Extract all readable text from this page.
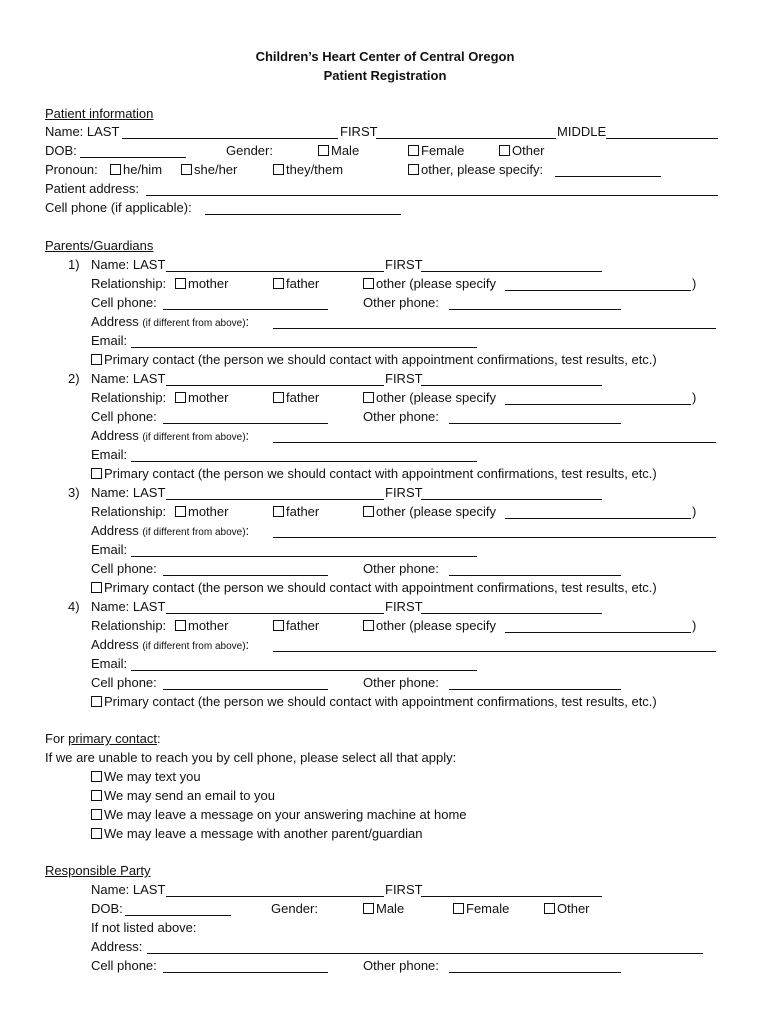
Children’s Heart Center of Central Oregon
Patient Registration
Patient information
Name: LAST	FIRST	MIDDLE
DOB:	Gender:	Male	Female	Other
Pronoun:	he/him	she/her	they/them	other, please specify:
Patient address:
Cell phone (if applicable):
Parents/Guardians
1) Name: LAST	FIRST
Relationship:	mother	father	other (please specify	)
Cell phone:	Other phone:
Address (if different from above):
Email:
Primary contact (the person we should contact with appointment confirmations, test results, etc.)
2) Name: LAST	FIRST
Relationship:	mother	father	other (please specify	)
Cell phone:	Other phone:
Address (if different from above):
Email:
Primary contact (the person we should contact with appointment confirmations, test results, etc.)
3) Name: LAST	FIRST
Relationship:	mother	father	other (please specify	)
Address (if different from above):
Email:
Cell phone:	Other phone:
Primary contact (the person we should contact with appointment confirmations, test results, etc.)
4) Name: LAST	FIRST
Relationship:	mother	father	other (please specify	)
Address (if different from above):
Email:
Cell phone:	Other phone:
Primary contact (the person we should contact with appointment confirmations, test results, etc.)
For primary contact:
If we are unable to reach you by cell phone, please select all that apply:
We may text you
We may send an email to you
We may leave a message on your answering machine at home
We may leave a message with another parent/guardian
Responsible Party
Name: LAST	FIRST
DOB:	Gender:	Male	Female	Other
If not listed above:
Address:
Cell phone:	Other phone:
